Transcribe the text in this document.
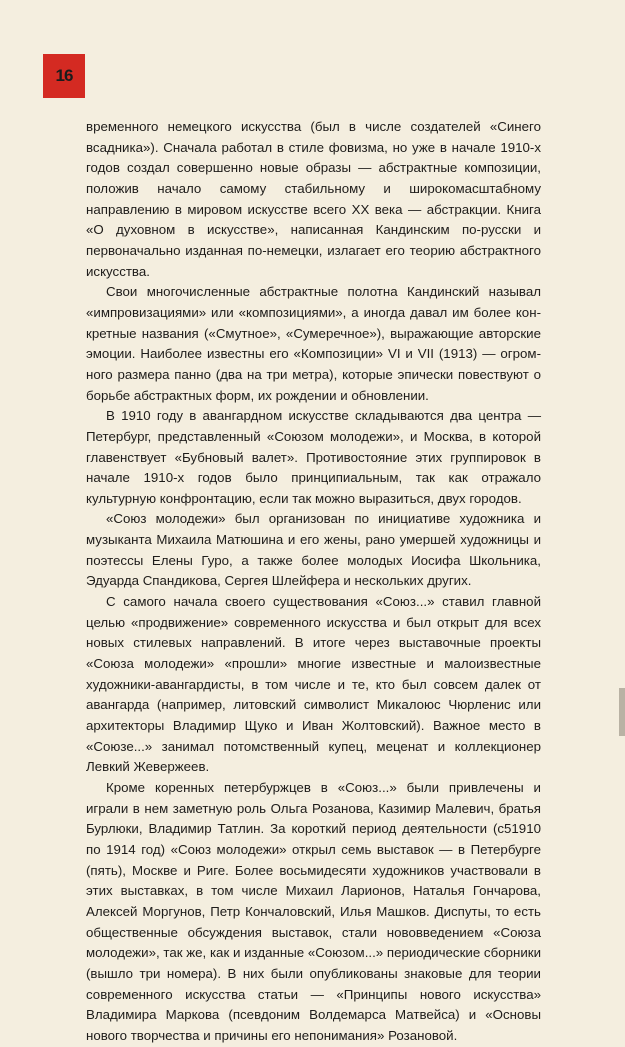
16

временного немецкого искусства (был в числе создателей «Синего всадника»). Сначала работал в стиле фовизма, но уже в начале 1910-х годов создал совершенно новые образы — абстрактные композиции, положив начало самому стабильному и широкомасштабному направлению в мировом искусстве всего XX века — абстракции. Книга «О духовном в искусстве», написанная Кандинским по-русски и первоначально изданная по-немецки, излагает его теорию абстрактного искусства.

Свои многочисленные абстрактные полотна Кандинский называл «импровизациями» или «композициями», а иногда давал им более конкретные названия («Смутное», «Сумеречное»), выражающие авторские эмоции. Наиболее известны его «Композиции» VI и VII (1913) — огромного размера панно (два на три метра), которые эпически повествуют о борьбе абстрактных форм, их рождении и обновлении.

В 1910 году в авангардном искусстве складываются два центра — Петербург, представленный «Союзом молодежи», и Москва, в которой главенствует «Бубновый валет». Противостояние этих группировок в начале 1910-х годов было принципиальным, так как отражало культурную конфронтацию, если так можно выразиться, двух городов.

«Союз молодежи» был организован по инициативе художника и музыканта Михаила Матюшина и его жены, рано умершей художницы и поэтессы Елены Гуро, а также более молодых Иосифа Школьника, Эдуарда Спандикова, Сергея Шлейфера и нескольких других.

С самого начала своего существования «Союз...» ставил главной целью «продвижение» современного искусства и был открыт для всех новых стилевых направлений. В итоге через выставочные проекты «Союза молодежи» «прошли» многие известные и малоизвестные художники-авангардисты, в том числе и те, кто был совсем далек от авангарда (например, литовский символист Микалоюс Чюрленис или архитекторы Владимир Щуко и Иван Жолтовский). Важное место в «Союзе...» занимал потомственный купец, меценат и коллекционер Левкий Жевержеев.

Кроме коренных петербуржцев в «Союз...» были привлечены и играли в нем заметную роль Ольга Розанова, Казимир Малевич, братья Бурлюки, Владимир Татлин. За короткий период деятельности (с51910 по 1914 год) «Союз молодежи» открыл семь выставок — в Петербурге (пять), Москве и Риге. Более восьмидесяти художников участвовали в этих выставках, в том числе Михаил Ларионов, Наталья Гончарова, Алексей Моргунов, Петр Кончаловский, Илья Машков. Диспуты, то есть общественные обсуждения выставок, стали нововведением «Союза молодежи», так же, как и изданные «Союзом...» периодические сборники (вышло три номера). В них были опубликованы знаковые для теории современного искусства статьи — «Принципы нового искусства» Владимира Маркова (псевдоним Волдемарса Матвейса) и «Основы нового творчества и причины его непонимания» Розановой.
